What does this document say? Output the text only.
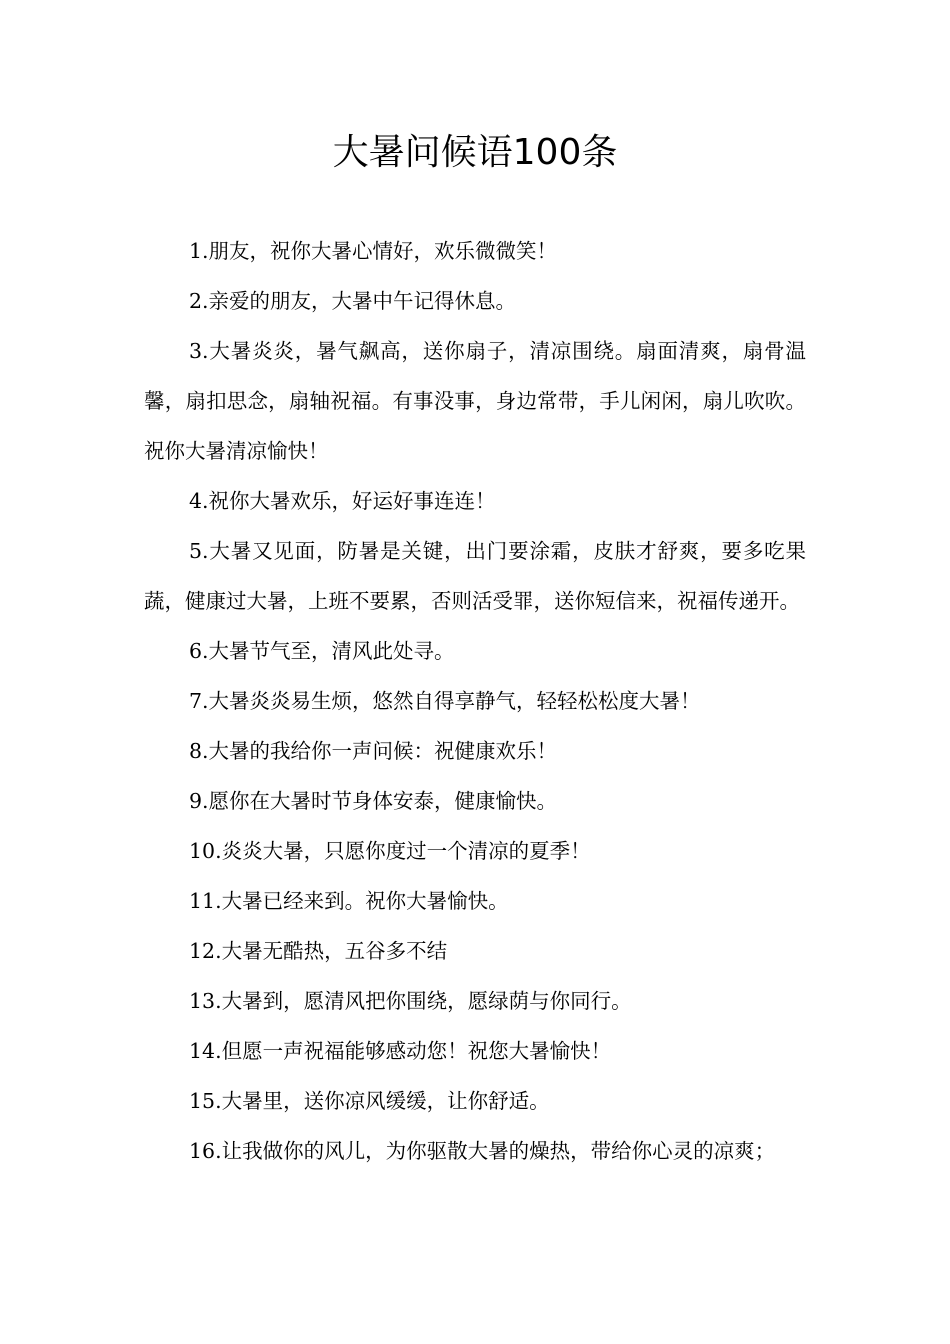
大暑问候语100条

1.朋友，祝你大暑心情好，欢乐微微笑！

2.亲爱的朋友，大暑中午记得休息。

3.大暑炎炎，暑气飙高，送你扇子，清凉围绕。扇面清爽，扇骨温馨，扇扣思念，扇轴祝福。有事没事，身边常带，手儿闲闲，扇儿吹吹。祝你大暑清凉愉快！

4.祝你大暑欢乐，好运好事连连！

5.大暑又见面，防暑是关键，出门要涂霜，皮肤才舒爽，要多吃果蔬，健康过大暑，上班不要累，否则活受罪，送你短信来，祝福传递开。

6.大暑节气至，清风此处寻。

7.大暑炎炎易生烦，悠然自得享静气，轻轻松松度大暑！

8.大暑的我给你一声问候：祝健康欢乐！

9.愿你在大暑时节身体安泰，健康愉快。

10.炎炎大暑，只愿你度过一个清凉的夏季！

11.大暑已经来到。祝你大暑愉快。

12.大暑无酷热，五谷多不结

13.大暑到，愿清风把你围绕，愿绿荫与你同行。

14.但愿一声祝福能够感动您！祝您大暑愉快！

15.大暑里，送你凉风缓缓，让你舒适。

16.让我做你的风儿，为你驱散大暑的燥热，带给你心灵的凉爽；
